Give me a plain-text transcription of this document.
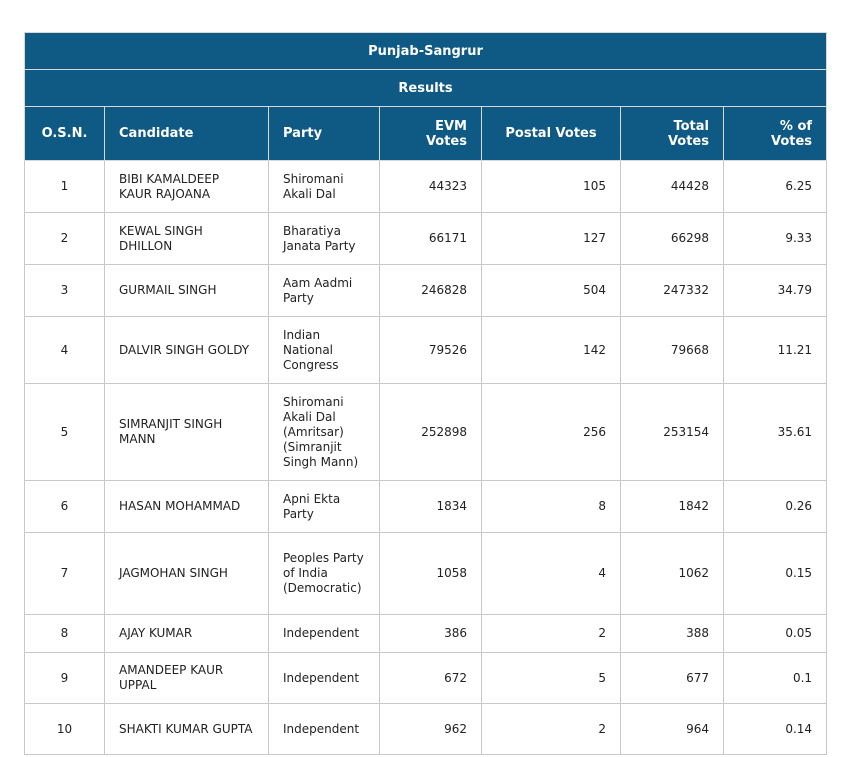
Punjab-Sangrur						
Results						
O.S.N.	Candidate	Party	EVM Votes	Postal Votes	Total Votes	% of Votes
1	BIBI KAMALDEEP KAUR RAJOANA	Shiromani Akali Dal	44323	105	44428	6.25
2	KEWAL SINGH DHILLON	Bharatiya Janata Party	66171	127	66298	9.33
3	GURMAIL SINGH	Aam Aadmi Party	246828	504	247332	34.79
4	DALVIR SINGH GOLDY	Indian National Congress	79526	142	79668	11.21
5	SIMRANJIT SINGH MANN	Shiromani Akali Dal (Amritsar)(Simranjit Singh Mann)	252898	256	253154	35.61
6	HASAN MOHAMMAD	Apni Ekta Party	1834	8	1842	0.26
7	JAGMOHAN SINGH	Peoples Party of India (Democratic)	1058	4	1062	0.15
8	AJAY KUMAR	Independent	386	2	388	0.05
9	AMANDEEP KAUR UPPAL	Independent	672	5	677	0.1
10	SHAKTI KUMAR GUPTA	Independent	962	2	964	0.14
